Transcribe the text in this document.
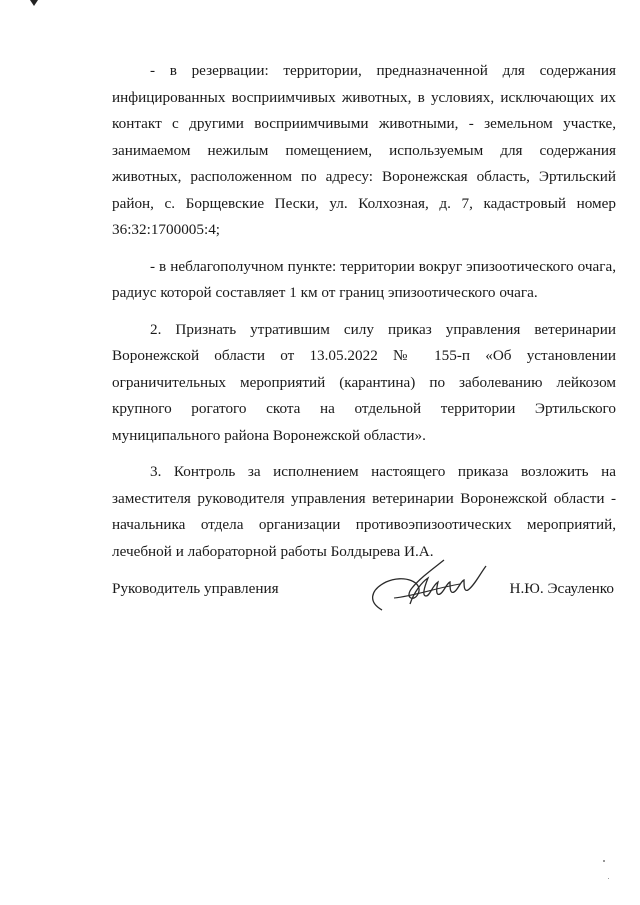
- в резервации: территории, предназначенной для содержания инфицированных восприимчивых животных, в условиях, исключающих их контакт с другими восприимчивыми животными, - земельном участке, занимаемом нежилым помещением, используемым для содержания животных, расположенном по адресу: Воронежская область, Эртильский район, с. Борщевские Пески, ул. Колхозная, д. 7, кадастровый номер 36:32:1700005:4;

- в неблагополучном пункте: территории вокруг эпизоотического очага, радиус которой составляет 1 км от границ эпизоотического очага.

2. Признать утратившим силу приказ управления ветеринарии Воронежской области от 13.05.2022 № 155-п «Об установлении ограничительных мероприятий (карантина) по заболеванию лейкозом крупного рогатого скота на отдельной территории Эртильского муниципального района Воронежской области».

3. Контроль за исполнением настоящего приказа возложить на заместителя руководителя управления ветеринарии Воронежской области - начальника отдела организации противоэпизоотических мероприятий, лечебной и лабораторной работы Болдырева И.А.

Руководитель управления	Н.Ю. Эсауленко
